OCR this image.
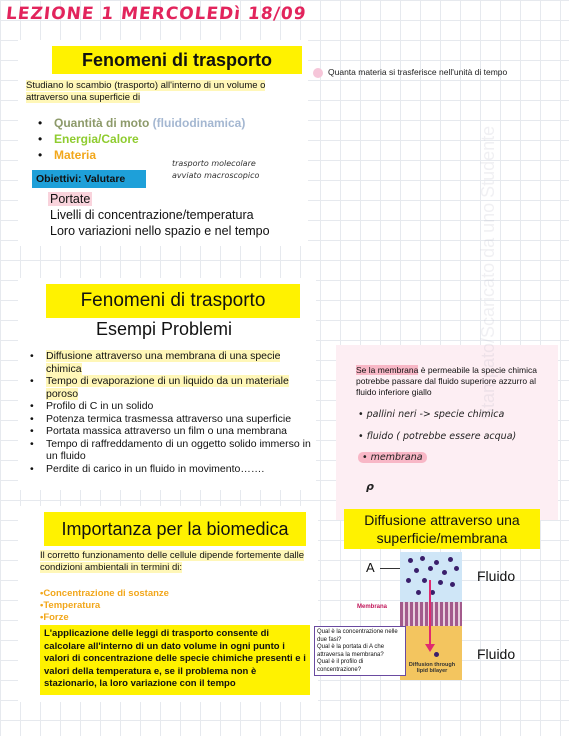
LEZIONE 1 MERCOLEDì 18/09
Fenomeni di trasporto
Studiano lo scambio (trasporto) all'interno di un volume o attraverso una superficie di
• Quantità di moto (fluidodinamica)
• Energia/Calore
• Materia
trasporto molecolare
avviato macroscopico
Obiettivi: Valutare
Portate
Livelli di concentrazione/temperatura
Loro variazioni nello spazio e nel tempo
Quanta materia si trasferisce nell'unità di tempo
Fenomeni di trasporto
Esempi Problemi
• Diffusione attraverso una membrana di una specie chimica
• Tempo di evaporazione di un liquido da un materiale poroso
• Profilo di C in un solido
• Potenza termica trasmessa attraverso una superficie
• Portata massica attraverso un film o una membrana
• Tempo di raffreddamento di un oggetto solido immerso in un fluido
• Perdite di carico in un fluido in movimento…….
Se la membrana è permeabile la specie chimica potrebbe passare dal fluido superiore azzurro al fluido inferiore giallo
• pallini neri -> specie chimica
• fluido ( potrebbe essere acqua)
• membrana
ρ
Stampato/Scaricato da uno Studente
Importanza per la biomedica
Il corretto funzionamento delle cellule dipende fortemente dalle condizioni ambientali in termini di:
•Concentrazione di sostanze
•Temperatura
•Forze
L'applicazione delle leggi di trasporto consente di calcolare all'interno di un dato volume in ogni punto i valori di concentrazione delle specie chimiche presenti e i valori della temperatura e, se il problema non è stazionario, la loro variazione con il tempo
Diffusione attraverso una superficie/membrana
A
Diffusion through lipid bilayer
Fluido
Fluido
Membrana
Qual è la concentrazione nelle due fasi?
Qual è la portata di A che attraversa la membrana?
Qual è il profilo di concentrazione?
